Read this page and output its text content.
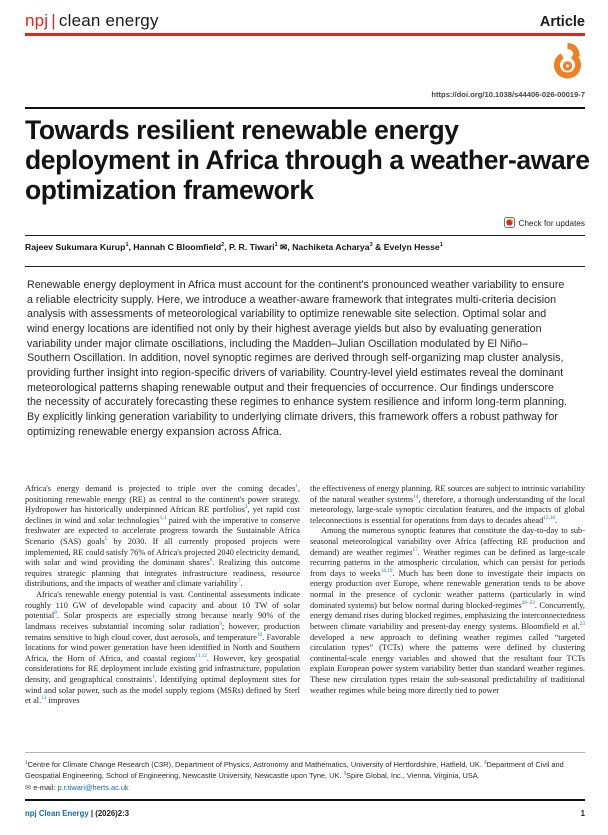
npj | clean energy	Article
https://doi.org/10.1038/s44406-026-00019-7
Towards resilient renewable energy deployment in Africa through a weather-aware optimization framework
Check for updates
Rajeev Sukumara Kurup$^1$, Hannah C Bloomfield$^2$, P. R. Tiwari$^1$ ✉, Nachiketa Acharya$^3$ & Evelyn Hesse$^1$
Renewable energy deployment in Africa must account for the continent's pronounced weather variability to ensure a reliable electricity supply. Here, we introduce a weather-aware framework that integrates multi-criteria decision analysis with assessments of meteorological variability to optimize renewable site selection. Optimal solar and wind energy locations are identified not only by their highest average yields but also by evaluating generation variability under major climate oscillations, including the Madden–Julian Oscillation modulated by El Niño–Southern Oscillation. In addition, novel synoptic regimes are derived through self-organizing map cluster analysis, providing further insight into region-specific drivers of variability. Country-level yield estimates reveal the dominant meteorological patterns shaping renewable output and their frequencies of occurrence. Our findings underscore the necessity of accurately forecasting these regimes to enhance system resilience and inform long-term planning. By explicitly linking generation variability to underlying climate drivers, this framework offers a robust pathway for optimizing renewable energy expansion across Africa.

Africa's energy demand is projected to triple over the coming decades$^1$, positioning renewable energy (RE) as central to the continent's power strategy. Hydropower has historically underpinned African RE portfolios$^2$, yet rapid cost declines in wind and solar technologies$^{3,4}$ paired with the imperative to conserve freshwater are expected to accelerate progress towards the Sustainable Africa Scenario (SAS) goals$^5$ by 2030. If all currently proposed projects were implemented, RE could satisfy 76% of Africa's projected 2040 electricity demand, with solar and wind providing the dominant shares$^6$. Realizing this outcome requires strategic planning that integrates infrastructure readiness, resource distributions, and the impacts of weather and climate variability$^7$.

Africa's renewable energy potential is vast. Continental assessments indicate roughly 110 GW of developable wind capacity and about 10 TW of solar potential$^8$. Solar prospects are especially strong because nearly 90% of the landmass receives substantial incoming solar radiation$^9$; however, production remains sensitive to high cloud cover, dust aerosols, and temperature$^{10}$. Favorable locations for wind power generation have been identified in North and Southern Africa, the Horn of Africa, and coastal regions$^{11,12}$. However, key geospatial considerations for RE deployment include existing grid infrastructure, population density, and geographical constraints$^1$. Identifying optimal deployment sites for wind and solar power, such as the model supply regions (MSRs) defined by Sterl et al.$^{13}$ improves

the effectiveness of energy planning. RE sources are subject to intrinsic variability of the natural weather systems$^{14}$, therefore, a thorough understanding of the local meteorology, large-scale synoptic circulation features, and the impacts of global teleconnections is essential for operations from days to decades ahead$^{15,16}$.

Among the numerous synoptic features that constitute the day-to-day to sub-seasonal meteorological variability over Africa (affecting RE production and demand) are weather regimes$^{17}$. Weather regimes can be defined as large-scale recurring patterns in the atmospheric circulation, which can persist for periods from days to weeks$^{18,19}$. Much has been done to investigate their impacts on energy production over Europe, where renewable generation tends to be above normal in the presence of cyclonic weather patterns (particularly in wind dominated systems) but below normal during blocked-regimes$^{20-23}$. Concurrently, energy demand rises during blocked regimes, emphasizing the interconnectedness between climate variability and present-day energy systems. Bloomfield et al.$^{23}$ developed a new approach to defining weather regimes called “targeted circulation types” (TCTs) where the patterns were defined by clustering continental-scale energy variables and showed that the resultant four TCTs explain European power system variability better than standard weather regimes. These new circulation types retain the sub-seasonal predictability of traditional weather regimes while being more directly tied to power

$^1$Centre for Climate Change Research (C3R), Department of Physics, Astronomy and Mathematics, University of Hertfordshire, Hatfield, UK. $^2$Department of Civil and Geospatial Engineering, School of Engineering, Newcastle University, Newcastle upon Tyne, UK. $^3$Spire Global, Inc., Vienna, Virginia, USA.
✉ e-mail: p.r.tiwari@herts.ac.uk
npj Clean Energy | (2026)2:3	1
